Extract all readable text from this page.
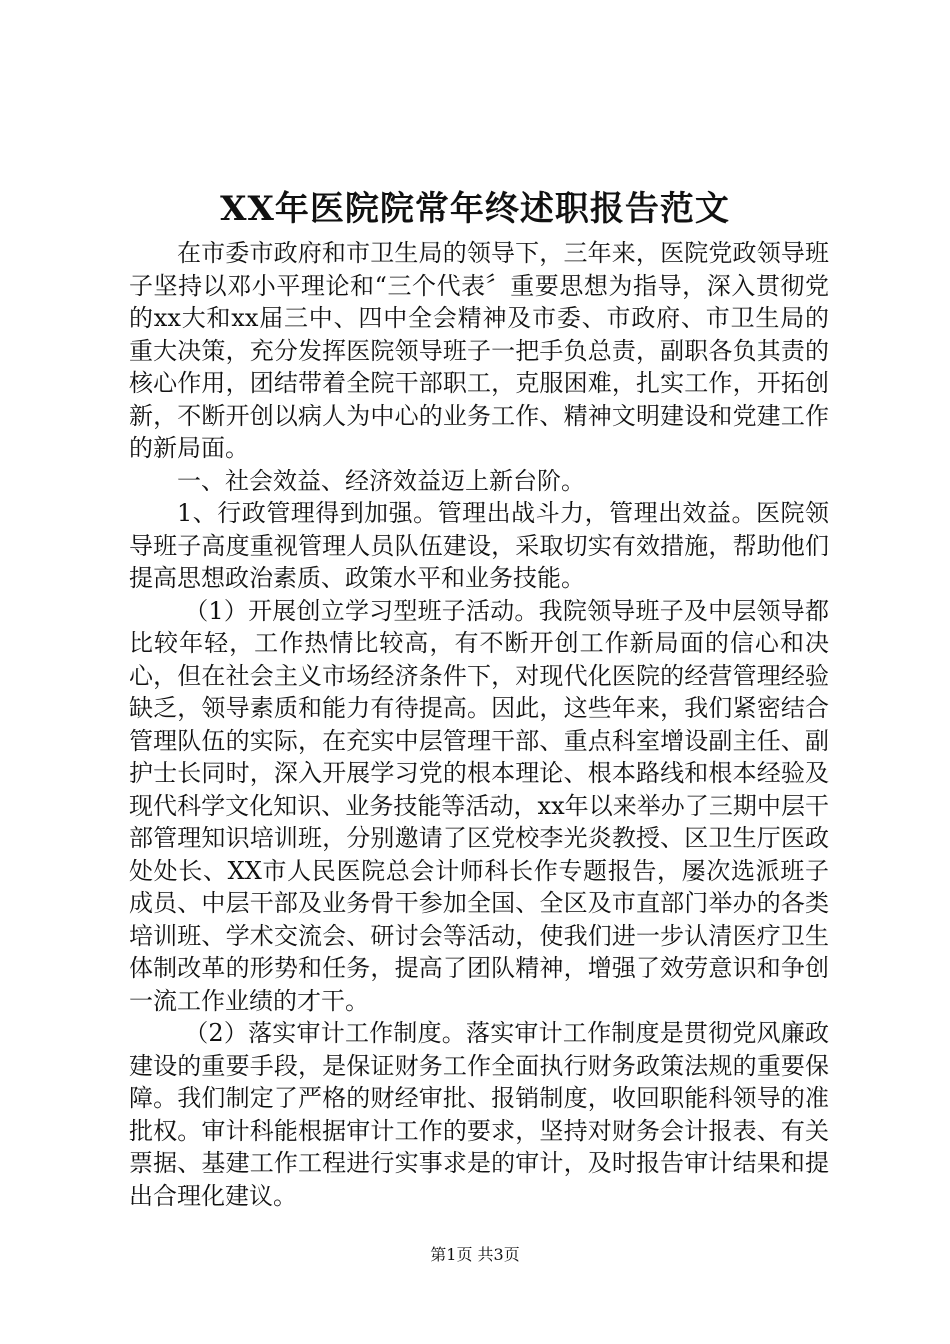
XX年医院院常年终述职报告范文

在市委市政府和市卫生局的领导下，三年来，医院党政领导班子坚持以邓小平理论和“三个代表〞重要思想为指导，深入贯彻党的xx大和xx届三中、四中全会精神及市委、市政府、市卫生局的重大决策，充分发挥医院领导班子一把手负总责，副职各负其责的核心作用，团结带着全院干部职工，克服困难，扎实工作，开拓创新，不断开创以病人为中心的业务工作、精神文明建设和党建工作的新局面。

一、社会效益、经济效益迈上新台阶。

1、行政管理得到加强。管理出战斗力，管理出效益。医院领导班子高度重视管理人员队伍建设，采取切实有效措施，帮助他们提高思想政治素质、政策水平和业务技能。

（1）开展创立学习型班子活动。我院领导班子及中层领导都比较年轻，工作热情比较高，有不断开创工作新局面的信心和决心，但在社会主义市场经济条件下，对现代化医院的经营管理经验缺乏，领导素质和能力有待提高。因此，这些年来，我们紧密结合管理队伍的实际，在充实中层管理干部、重点科室增设副主任、副护士长同时，深入开展学习党的根本理论、根本路线和根本经验及现代科学文化知识、业务技能等活动，xx年以来举办了三期中层干部管理知识培训班，分别邀请了区党校李光炎教授、区卫生厅医政处处长、XX市人民医院总会计师科长作专题报告，屡次选派班子成员、中层干部及业务骨干参加全国、全区及市直部门举办的各类培训班、学术交流会、研讨会等活动，使我们进一步认清医疗卫生体制改革的形势和任务，提高了团队精神，增强了效劳意识和争创一流工作业绩的才干。

（2）落实审计工作制度。落实审计工作制度是贯彻党风廉政建设的重要手段，是保证财务工作全面执行财务政策法规的重要保障。我们制定了严格的财经审批、报销制度，收回职能科领导的准批权。审计科能根据审计工作的要求，坚持对财务会计报表、有关票据、基建工作工程进行实事求是的审计，及时报告审计结果和提出合理化建议。

第1页 共3页
